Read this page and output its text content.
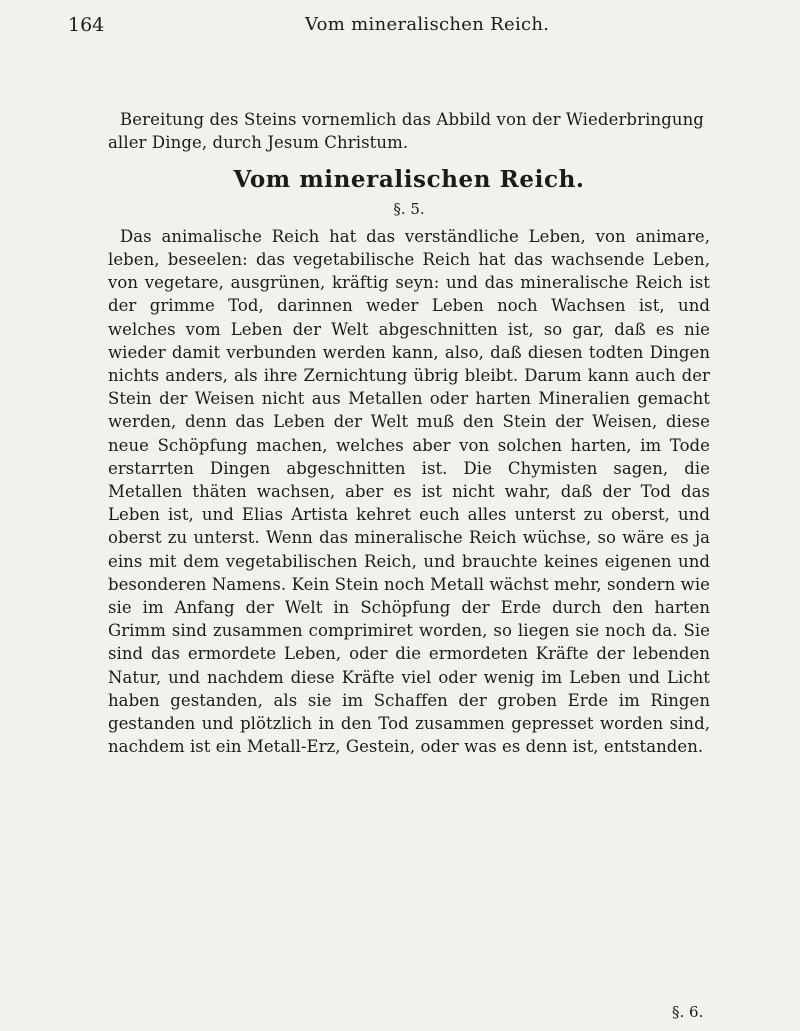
164	Vom mineralischen Reich.

Bereitung des Steins vornemlich das Abbild von der Wiederbringung aller Dinge, durch Jesum Christum.

Vom mineralischen Reich.
§. 5.

Das animalische Reich hat das verständliche Leben, von animare, leben, beseelen: das vegetabilische Reich hat das wachsende Leben, von vegetare, ausgrünen, kräftig seyn: und das mineralische Reich ist der grimme Tod, darinnen weder Leben noch Wachsen ist, und welches vom Leben der Welt abgeschnitten ist, so gar, daß es nie wieder damit verbunden werden kann, also, daß diesen todten Dingen nichts anders, als ihre Zernichtung übrig bleibt. Darum kann auch der Stein der Weisen nicht aus Metallen oder harten Mineralien gemacht werden, denn das Leben der Welt muß den Stein der Weisen, diese neue Schöpfung machen, welches aber von solchen harten, im Tode erstarrten Dingen abgeschnitten ist. Die Chymisten sagen, die Metallen thäten wachsen, aber es ist nicht wahr, daß der Tod das Leben ist, und Elias Artista kehret euch alles unterst zu oberst, und oberst zu unterst. Wenn das mineralische Reich wüchse, so wäre es ja eins mit dem vegetabilischen Reich, und brauchte keines eigenen und besonderen Namens. Kein Stein noch Metall wächst mehr, sondern wie sie im Anfang der Welt in Schöpfung der Erde durch den harten Grimm sind zusammen comprimiret worden, so liegen sie noch da. Sie sind das ermordete Leben, oder die ermordeten Kräfte der lebenden Natur, und nachdem diese Kräfte viel oder wenig im Leben und Licht haben gestanden, als sie im Schaffen der groben Erde im Ringen gestanden und plötzlich in den Tod zusammen gepresset worden sind, nachdem ist ein Metall-Erz, Gestein, oder was es denn ist, entstanden.

§. 6.
